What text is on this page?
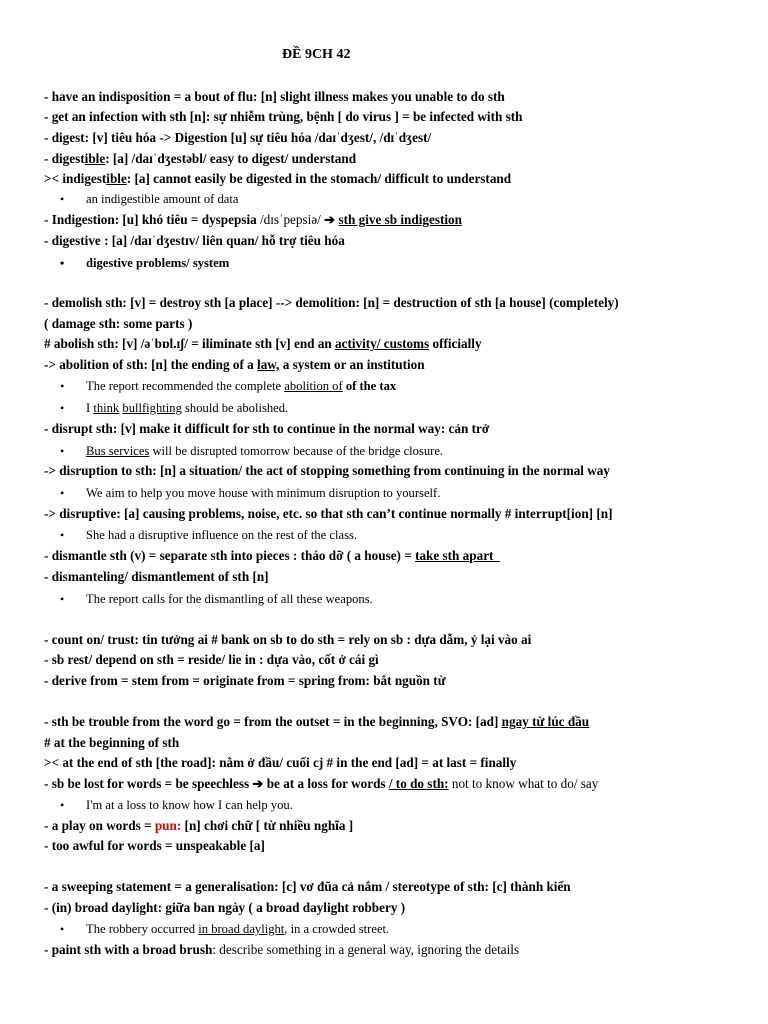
ĐỀ 9CH 42
- have an indisposition = a bout of flu: [n] slight illness makes you unable to do sth
- get an infection with sth [n]: sự nhiễm trùng, bệnh [ do virus ] = be infected with sth
- digest: [v] tiêu hóa -> Digestion [u] sự tiêu hóa /daɪˈdʒest/, /dɪˈdʒest/
- digestible: [a] /daɪˈdʒestəbl/ easy to digest/ understand
>< indigestible: [a] cannot easily be digested in the stomach/ difficult to understand
• an indigestible amount of data
- Indigestion: [u] khó tiêu = dyspepsia /dɪsˈpepsiə/ ➔ sth give sb indigestion
- digestive : [a] /daɪˈdʒestɪv/ liên quan/ hỗ trợ tiêu hóa
• digestive problems/ system
- demolish sth: [v] = destroy sth [a place] --> demolition: [n] = destruction of sth [a house] (completely)
( damage sth: some parts )
# abolish sth: [v] /əˈbɒl.ɪʃ/ = iliminate sth [v] end an activity/ customs officially
-> abolition of sth: [n] the ending of a law, a system or an institution
• The report recommended the complete abolition of of the tax
• I think bullfighting should be abolished.
- disrupt sth: [v] make it difficult for sth to continue in the normal way: cản trở
• Bus services will be disrupted tomorrow because of the bridge closure.
-> disruption to sth: [n] a situation/ the act of stopping something from continuing in the normal way
• We aim to help you move house with minimum disruption to yourself.
-> disruptive: [a] causing problems, noise, etc. so that sth can’t continue normally # interrupt[ion] [n]
• She had a disruptive influence on the rest of the class.
- dismantle sth (v) = separate sth into pieces : tháo dỡ ( a house) = take sth apart
- dismanteling/ dismantlement of sth [n]
• The report calls for the dismantling of all these weapons.
- count on/ trust: tin tưởng ai # bank on sb to do sth = rely on sb : dựa dẫm, ỷ lại vào ai
- sb rest/ depend on sth = reside/ lie in : dựa vào, cốt ở cái gì
- derive from = stem from = originate from = spring from: bắt nguồn từ
- sth be trouble from the word go = from the outset = in the beginning, SVO: [ad] ngay từ lúc đầu
# at the beginning of sth
>< at the end of sth [the road]: nằm ở đầu/ cuối cj # in the end [ad] = at last = finally
- sb be lost for words = be speechless ➔ be at a loss for words / to do sth: not to know what to do/ say
• I'm at a loss to know how I can help you.
- a play on words = pun: [n] chơi chữ [ từ nhiều nghĩa ]
- too awful for words = unspeakable [a]
- a sweeping statement = a generalisation: [c] vơ đũa cả nắm / stereotype of sth: [c] thành kiến
- (in) broad daylight: giữa ban ngày ( a broad daylight robbery )
• The robbery occurred in broad daylight, in a crowded street.
- paint sth with a broad brush: describe something in a general way, ignoring the details
